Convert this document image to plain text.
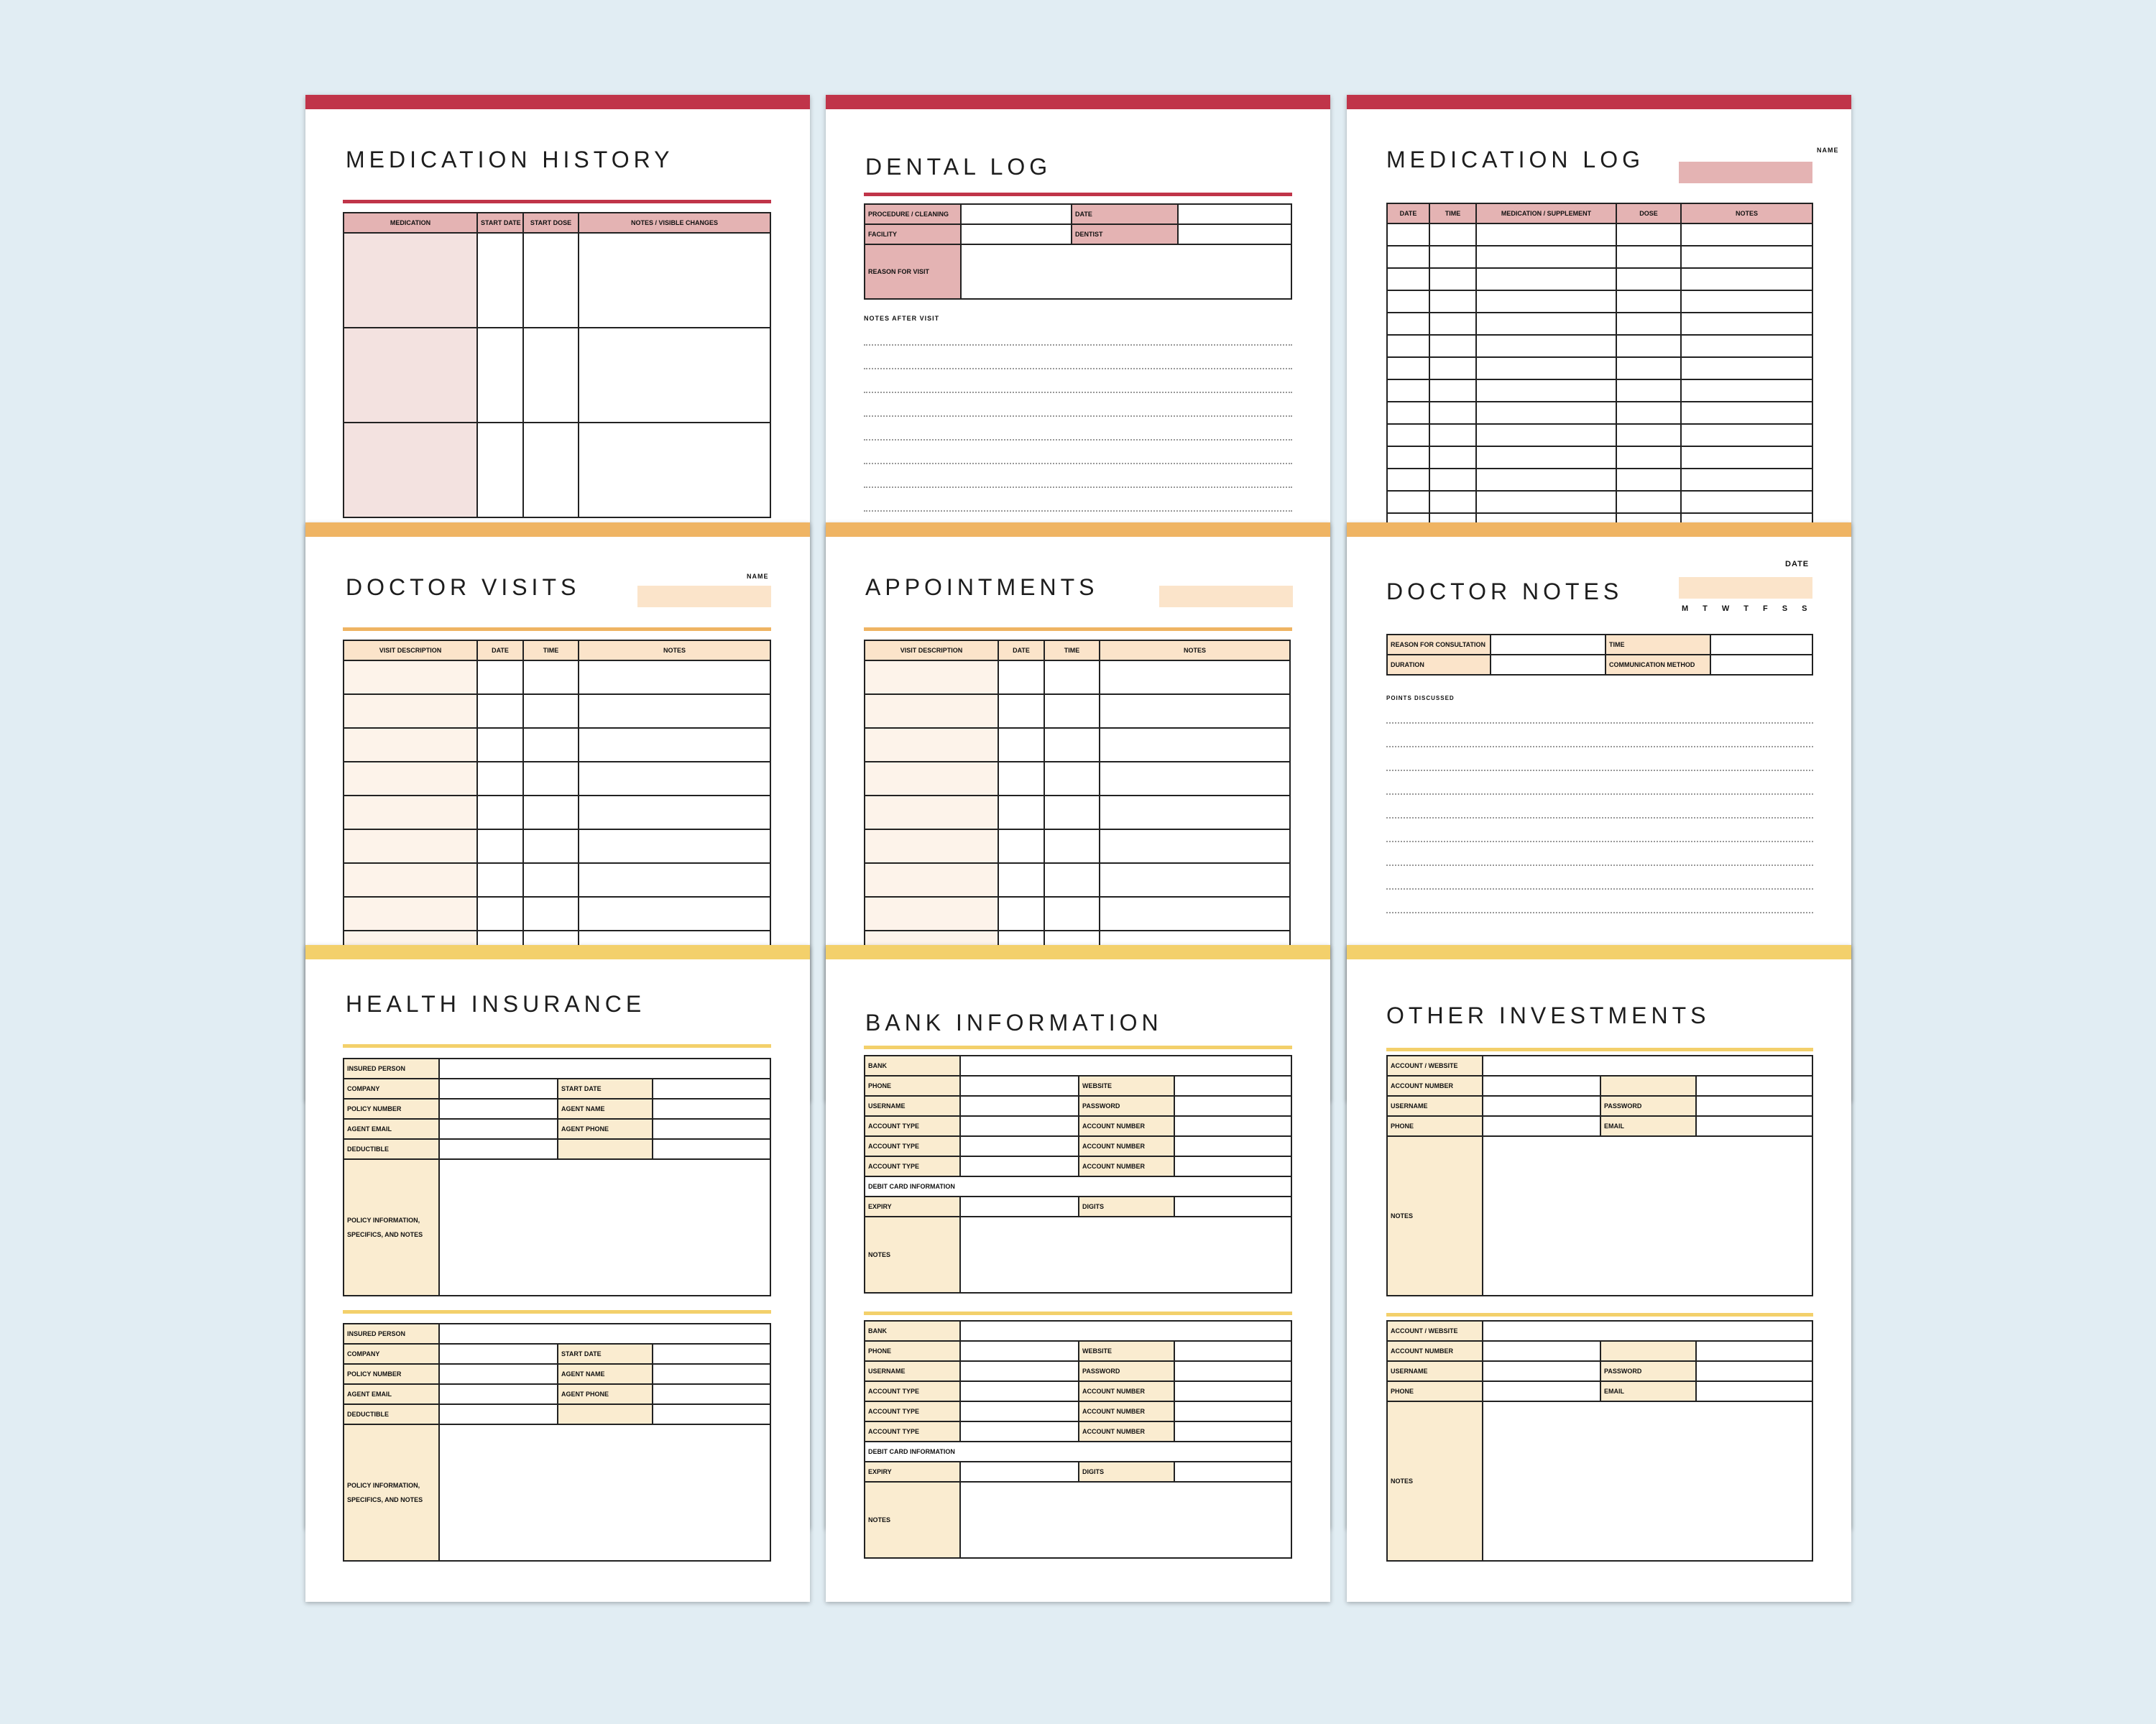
MEDICATION HISTORY
MEDICATION	START DATE	START DOSE	NOTES / VISIBLE CHANGES

DENTAL LOG
PROCEDURE / CLEANING		DATE	
FACILITY		DENTIST	
REASON FOR VISIT			
NOTES AFTER VISIT
MEDICATION LOG	NAME
DATE	TIME	MEDICATION / SUPPLEMENT	DOSE	NOTES

DOCTOR VISITS	NAME
VISIT DESCRIPTION	DATE	TIME	NOTES

APPOINTMENTS
VISIT DESCRIPTION	DATE	TIME	NOTES

DOCTOR NOTES
DATE
M T W T F S S
REASON FOR CONSULTATION		TIME	
DURATION		COMMUNICATION METHOD	
POINTS DISCUSSED
HEALTH INSURANCE
INSURED PERSON			
COMPANY		START DATE	
POLICY NUMBER		AGENT NAME	
AGENT EMAIL		AGENT PHONE	
DEDUCTIBLE			
POLICY INFORMATION,
SPECIFICS, AND NOTES			
INSURED PERSON			
COMPANY		START DATE	
POLICY NUMBER		AGENT NAME	
AGENT EMAIL		AGENT PHONE	
DEDUCTIBLE			
POLICY INFORMATION,
SPECIFICS, AND NOTES			
BANK INFORMATION
BANK			
PHONE		WEBSITE	
USERNAME		PASSWORD	
ACCOUNT TYPE		ACCOUNT NUMBER	
ACCOUNT TYPE		ACCOUNT NUMBER	
ACCOUNT TYPE		ACCOUNT NUMBER	
DEBIT CARD INFORMATION			
EXPIRY		DIGITS	
NOTES			
BANK			
PHONE		WEBSITE	
USERNAME		PASSWORD	
ACCOUNT TYPE		ACCOUNT NUMBER	
ACCOUNT TYPE		ACCOUNT NUMBER	
ACCOUNT TYPE		ACCOUNT NUMBER	
DEBIT CARD INFORMATION			
EXPIRY		DIGITS	
NOTES			
OTHER INVESTMENTS
ACCOUNT / WEBSITE			
ACCOUNT NUMBER			
USERNAME		PASSWORD	
PHONE		EMAIL	
NOTES			
ACCOUNT / WEBSITE			
ACCOUNT NUMBER			
USERNAME		PASSWORD	
PHONE		EMAIL	
NOTES			
